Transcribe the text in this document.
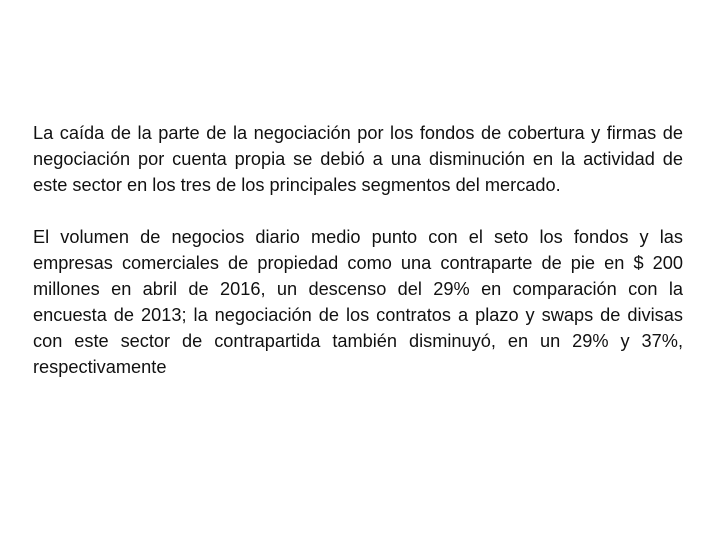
La caída de la parte de la negociación por los fondos de cobertura y firmas de negociación por cuenta propia se debió a una disminución en la actividad de este sector en los tres de los principales segmentos del mercado.

El volumen de negocios diario medio punto con el seto los fondos y las empresas comerciales de propiedad como una contraparte de pie en $ 200 millones en abril de 2016, un descenso del 29% en comparación con la encuesta de 2013; la negociación de los contratos a plazo y swaps de divisas con este sector de contrapartida también disminuyó, en un 29% y 37%, respectivamente
